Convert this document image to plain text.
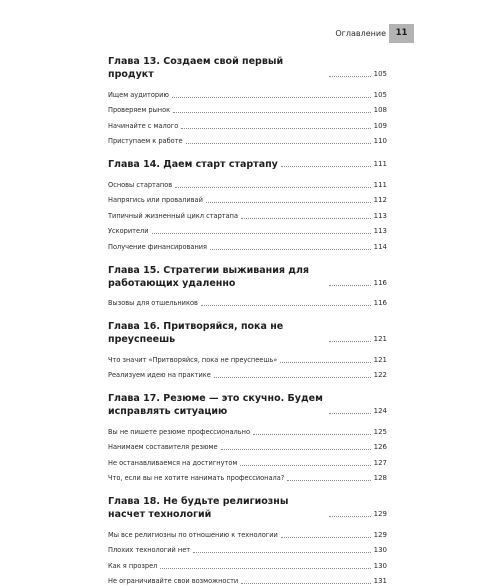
Оглавление	11
Глава 13. Создаем свой первый продукт	105
Ищем аудиторию	105
Проверяем рынок	108
Начинайте с малого	109
Приступаем к работе	110
Глава 14. Даем старт стартапу	111
Основы стартапов	111
Напрягись или проваливай	112
Типичный жизненный цикл стартапа	113
Ускорители	113
Получение финансирования	114
Глава 15. Стратегии выживания для работающих удаленно	116
Вызовы для отшельников	116
Глава 16. Притворяйся, пока не преуспеешь	121
Что значит «Притворяйся, пока не преуспеешь»	121
Реализуем идею на практике	122
Глава 17. Резюме — это скучно. Будем исправлять ситуацию	124
Вы не пишете резюме профессионально	125
Нанимаем составителя резюме	126
Не останавливаемся на достигнутом	127
Что, если вы не хотите нанимать профессионала?	128
Глава 18. Не будьте религиозны насчет технологий	129
Мы все религиозны по отношению к технологии	129
Плохих технологий нет	130
Как я прозрел	130
Не ограничивайте свои возможности	131
